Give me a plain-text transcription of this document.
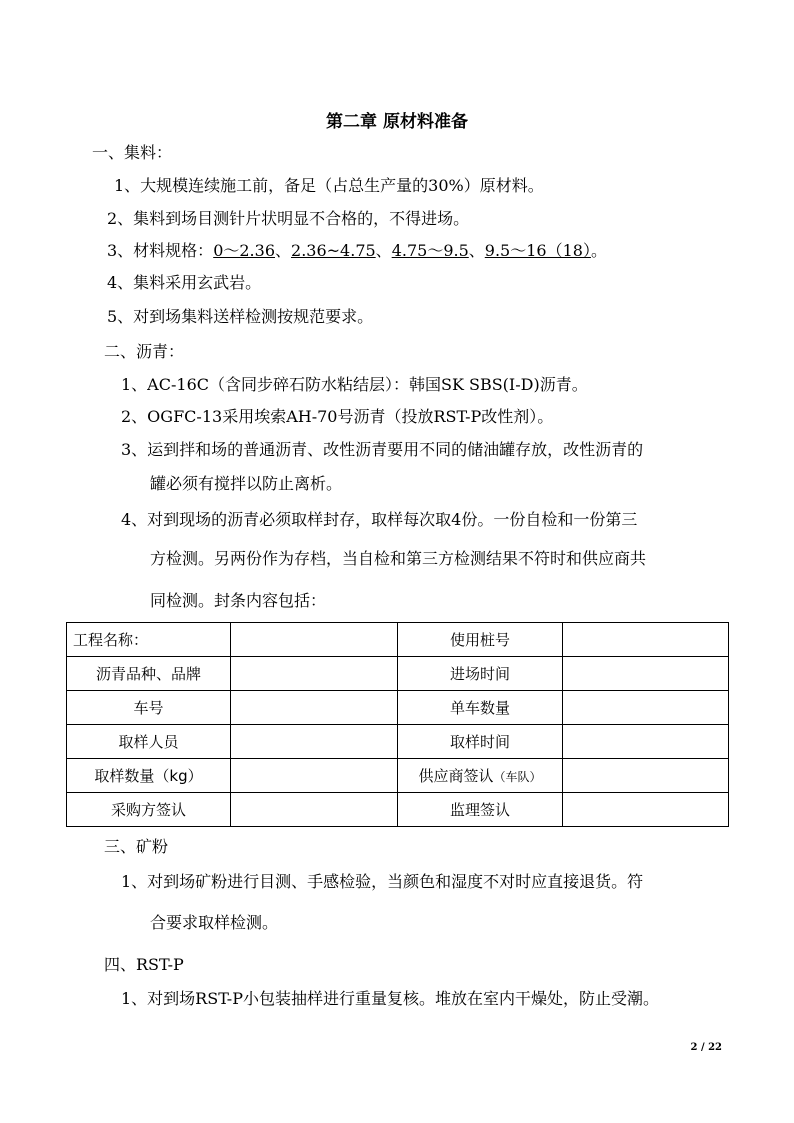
第二章 原材料准备
一、集料：
1、大规模连续施工前，备足（占总生产量的30%）原材料。
2、集料到场目测针片状明显不合格的，不得进场。
3、材料规格：0～2.36、2.36~4.75、4.75～9.5、9.5～16（18）。
4、集料采用玄武岩。
5、对到场集料送样检测按规范要求。
二、沥青：
1、AC-16C（含同步碎石防水粘结层）：韩国SK SBS(I-D)沥青。
2、OGFC-13采用埃索AH-70号沥青（投放RST-P改性剂）。
3、运到拌和场的普通沥青、改性沥青要用不同的储油罐存放，改性沥青的
罐必须有搅拌以防止离析。
4、对到现场的沥青必须取样封存，取样每次取4份。一份自检和一份第三
方检测。另两份作为存档，当自检和第三方检测结果不符时和供应商共
同检测。封条内容包括：
工程名称：		使用桩号	
沥青品种、品牌		进场时间	
车号		单车数量	
取样人员		取样时间	
取样数量（kg）		供应商签认（车队）	
采购方签认		监理签认	
三、矿粉
1、对到场矿粉进行目测、手感检验，当颜色和湿度不对时应直接退货。符
合要求取样检测。
四、RST-P
1、对到场RST-P小包装抽样进行重量复核。堆放在室内干燥处，防止受潮。
2 / 22
